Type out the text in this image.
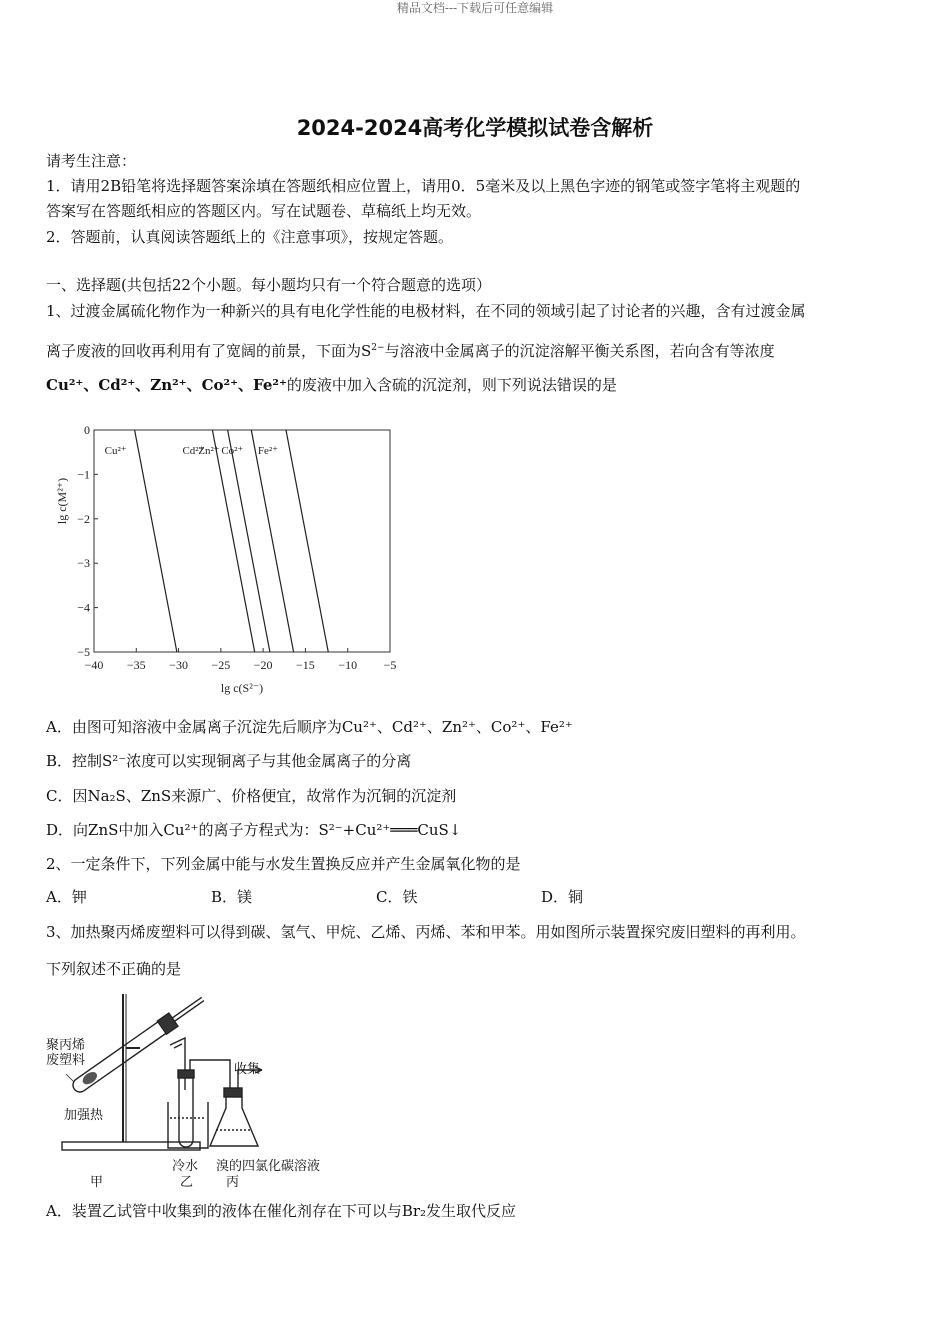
精品文档---下载后可任意编辑
2024-2024高考化学模拟试卷含解析
请考生注意：
1．请用2B铅笔将选择题答案涂填在答题纸相应位置上，请用0．5毫米及以上黑色字迹的钢笔或签字笔将主观题的
答案写在答题纸相应的答题区内。写在试题卷、草稿纸上均无效。
2．答题前，认真阅读答题纸上的《注意事项》，按规定答题。
一、选择题(共包括22个小题。每小题均只有一个符合题意的选项）
1、过渡金属硫化物作为一种新兴的具有电化学性能的电极材料，在不同的领域引起了讨论者的兴趣，含有过渡金属
离子废液的回收再利用有了宽阔的前景，下面为$S^{2-}$与溶液中金属离子的沉淀溶解平衡关系图，若向含有等浓度
Cu²⁺、Cd²⁺、Zn²⁺、Co²⁺、Fe²⁺的废液中加入含硫的沉淀剂，则下列说法错误的是
−40 −35 −30 −25 −20 −15 −10 −5
0
−1
−2
−3
−4
−5
lg c(S²⁻)
lg c(M²⁺)
Cu²⁺	Cd²⁺
Zn²⁺ Co²⁺ Fe²⁺
A．由图可知溶液中金属离子沉淀先后顺序为Cu²⁺、Cd²⁺、Zn²⁺、Co²⁺、Fe²⁺
B．控制S²⁻浓度可以实现铜离子与其他金属离子的分离
C．因Na₂S、ZnS来源广、价格便宜，故常作为沉铜的沉淀剂
D．向ZnS中加入Cu²⁺的离子方程式为：S²⁻+Cu²⁺═══CuS↓
2、一定条件下，下列金属中能与水发生置换反应并产生金属氧化物的是
A．钾	B．镁	C．铁	D．铜
3、加热聚丙烯废塑料可以得到碳、氢气、甲烷、乙烯、丙烯、苯和甲苯。用如图所示装置探究废旧塑料的再利用。
下列叙述不正确的是
聚丙烯
废塑料
加强热
收集
冷水 溴的四氯化碳溶液
甲	乙	丙
A．装置乙试管中收集到的液体在催化剂存在下可以与Br₂发生取代反应
